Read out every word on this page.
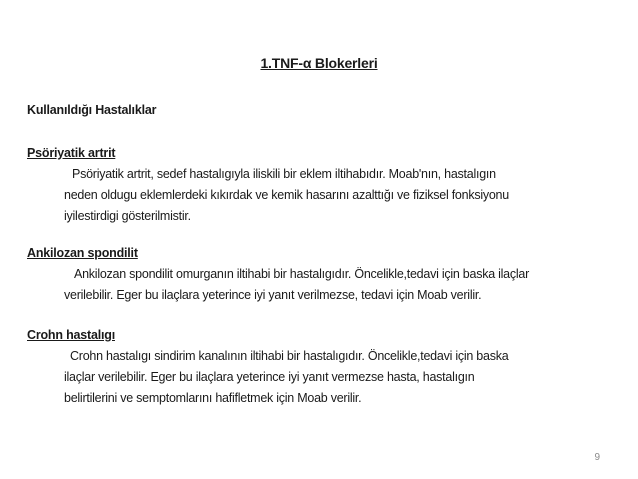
1.TNF-α Blokerleri
Kullanıldığı Hastalıklar
Psöriyatik artrit
Psöriyatik artrit, sedef hastalıgıyla iliskili bir eklem iltihabıdır. Moab'nın, hastalıgın
neden oldugu eklemlerdeki kıkırdak ve kemik hasarını azalttığı ve fiziksel fonksiyonu
iyilestirdigi gösterilmistir.
Ankilozan spondilit
Ankilozan spondilit omurganın iltihabi bir hastalıgıdır. Öncelikle,tedavi için baska ilaçlar
verilebilir. Eger bu ilaçlara yeterince iyi yanıt verilmezse, tedavi için Moab verilir.
Crohn hastalıgı
Crohn hastalıgı sindirim kanalının iltihabi bir hastalıgıdır. Öncelikle,tedavi için baska
ilaçlar verilebilir. Eger bu ilaçlara yeterince iyi yanıt vermezse hasta, hastalıgın
belirtilerini ve semptomlarını hafifletmek için Moab verilir.
9
